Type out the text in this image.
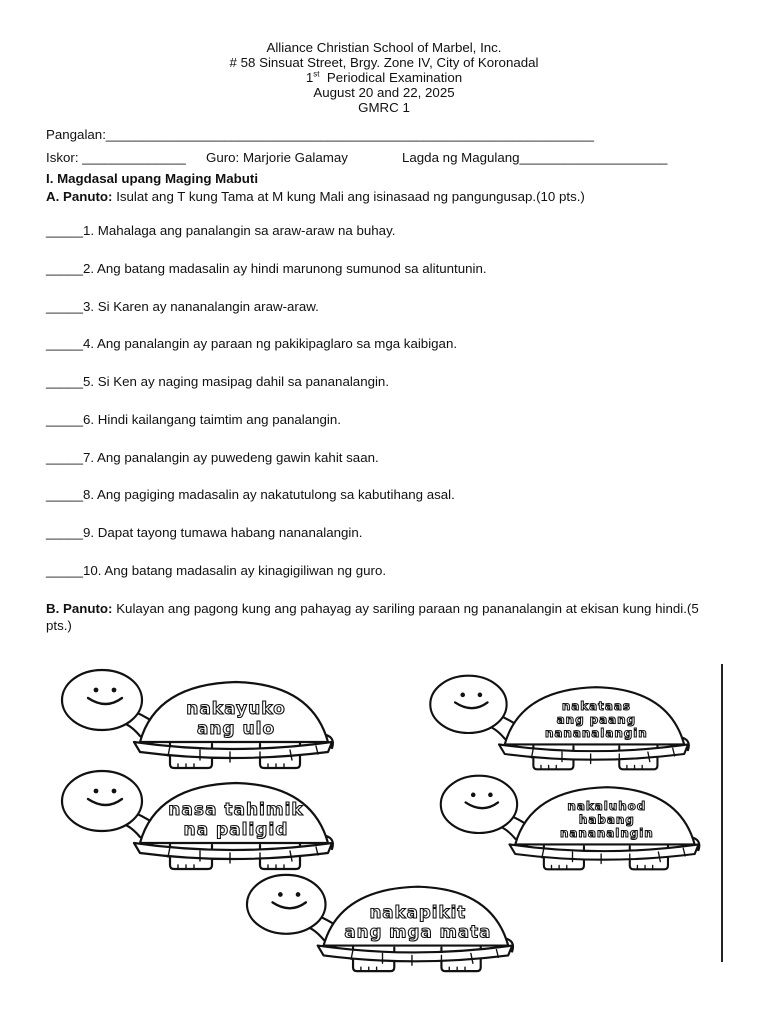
Alliance Christian School of Marbel, Inc.
# 58 Sinsuat Street, Brgy. Zone IV, City of Koronadal
1st Periodical Examination
August 20 and 22, 2025
GMRC 1
Pangalan:__________________________________________________________________
Iskor: ______________ Guro: Marjorie Galamay	Lagda ng Magulang____________________
I. Magdasal upang Maging Mabuti
A. Panuto: Isulat ang T kung Tama at M kung Mali ang isinasaad ng pangungusap.(10 pts.)
_____1. Mahalaga ang panalangin sa araw-araw na buhay.
_____2. Ang batang madasalin ay hindi marunong sumunod sa alituntunin.
_____3. Si Karen ay nananalangin araw-araw.
_____4. Ang panalangin ay paraan ng pakikipaglaro sa mga kaibigan.
_____5. Si Ken ay naging masipag dahil sa pananalangin.
_____6. Hindi kailangang taimtim ang panalangin.
_____7. Ang panalangin ay puwedeng gawin kahit saan.
_____8. Ang pagiging madasalin ay nakatutulong sa kabutihang asal.
_____9. Dapat tayong tumawa habang nananalangin.
_____10. Ang batang madasalin ay kinagigiliwan ng guro.
B. Panuto: Kulayan ang pagong kung ang pahayag ay sariling paraan ng pananalangin at ekisan kung hindi.(5 pts.)
nakayuko
ang ulo
nakataas
ang paang
nananalangin
nasa tahimik
na paligid
nakaluhod
habang
nananalngin
nakapikit
ang mga mata
